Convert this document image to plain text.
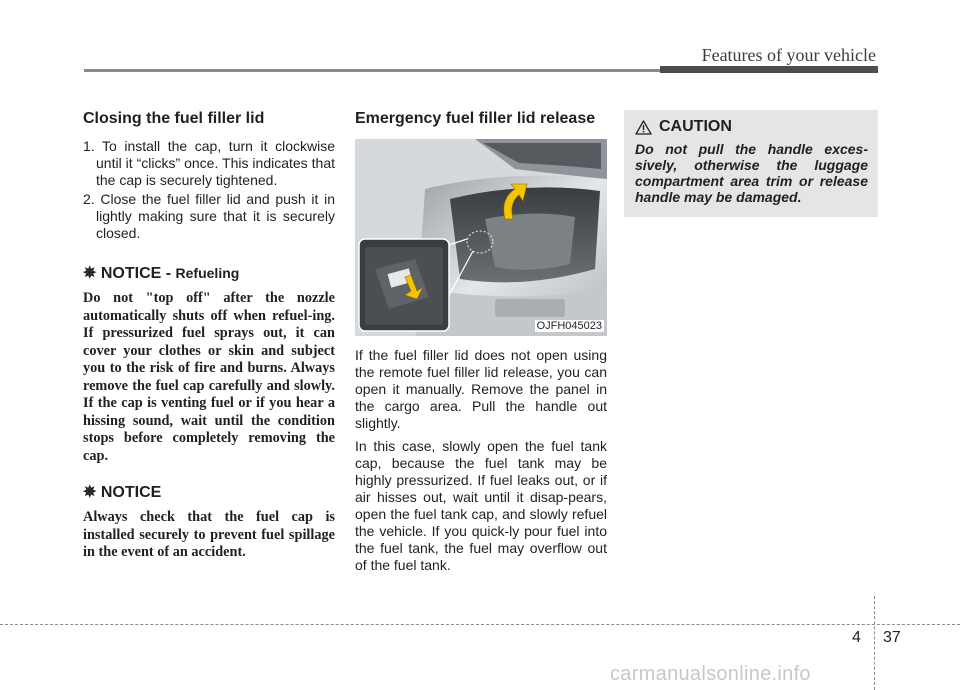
Features of your vehicle
Closing the fuel filler lid
1. To install the cap, turn it clockwise until it “clicks” once. This indicates that the cap is securely tightened.
2. Close the fuel filler lid and push it in lightly making sure that it is securely closed.
✵ NOTICE - Refueling
Do not "top off" after the nozzle automatically shuts off when refuel-ing. If pressurized fuel sprays out, it can cover your clothes or skin and subject you to the risk of fire and burns. Always remove the fuel cap carefully and slowly. If the cap is venting fuel or if you hear a hissing sound, wait until the condition stops before completely removing the cap.
✵ NOTICE
Always check that the fuel cap is installed securely to prevent fuel spillage in the event of an accident.
Emergency fuel filler lid release
OJFH045023

If the fuel filler lid does not open using the remote fuel filler lid release, you can open it manually. Remove the panel in the cargo area. Pull the handle out slightly.

In this case, slowly open the fuel tank cap, because the fuel tank may be highly pressurized. If fuel leaks out, or if air hisses out, wait until it disap-pears, open the fuel tank cap, and slowly refuel the vehicle. If you quick-ly pour fuel into the fuel tank, the fuel may overflow out of the fuel tank.

CAUTION
Do not pull the handle exces-sively, otherwise the luggage compartment area trim or release handle may be damaged.
4 37
carmanualsonline.info
